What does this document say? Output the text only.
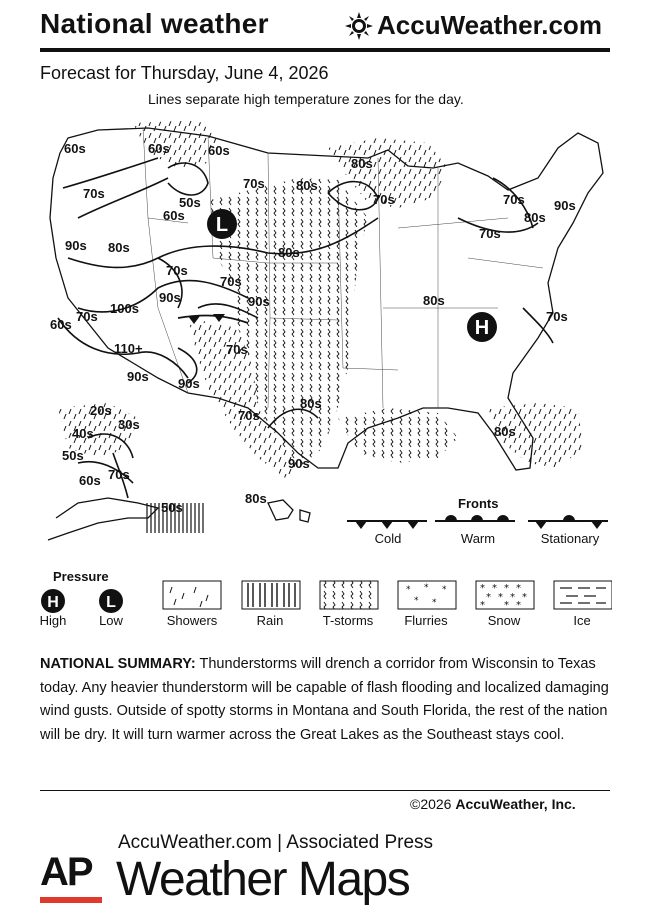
National weather	AccuWeather.com
Forecast for Thursday, June 4, 2026
Lines separate high temperature zones for the day.
60s	60s	60s
70s
50s
60s
70s 80s
80s
70s
90s 80s	80s
70s
90s
70s
90s
60s
70s
100s
110+	70s
90s 90s
70s
80s
80s
20s
30s
40s
50s
60s 70s
90s
50s
80s
80s
70s 90s
80s
70s
70s
L
H
Fronts
Cold	Warm	Stationary
Pressure
H	L
High	Low
* * *
* *
* * * *
* * * *
* * *
Showers	Rain	T-storms	Flurries	Snow	Ice
NATIONAL SUMMARY: Thunderstorms will drench a corridor from Wisconsin to Texas today. Any heavier thunderstorm will be capable of flash flooding and localized damaging wind gusts. Outside of spotty storms in Montana and South Florida, the rest of the nation will be dry. It will turn warmer across the Great Lakes as the Southeast stays cool.
©2026 AccuWeather, Inc.
AP
AccuWeather.com | Associated Press
Weather Maps
